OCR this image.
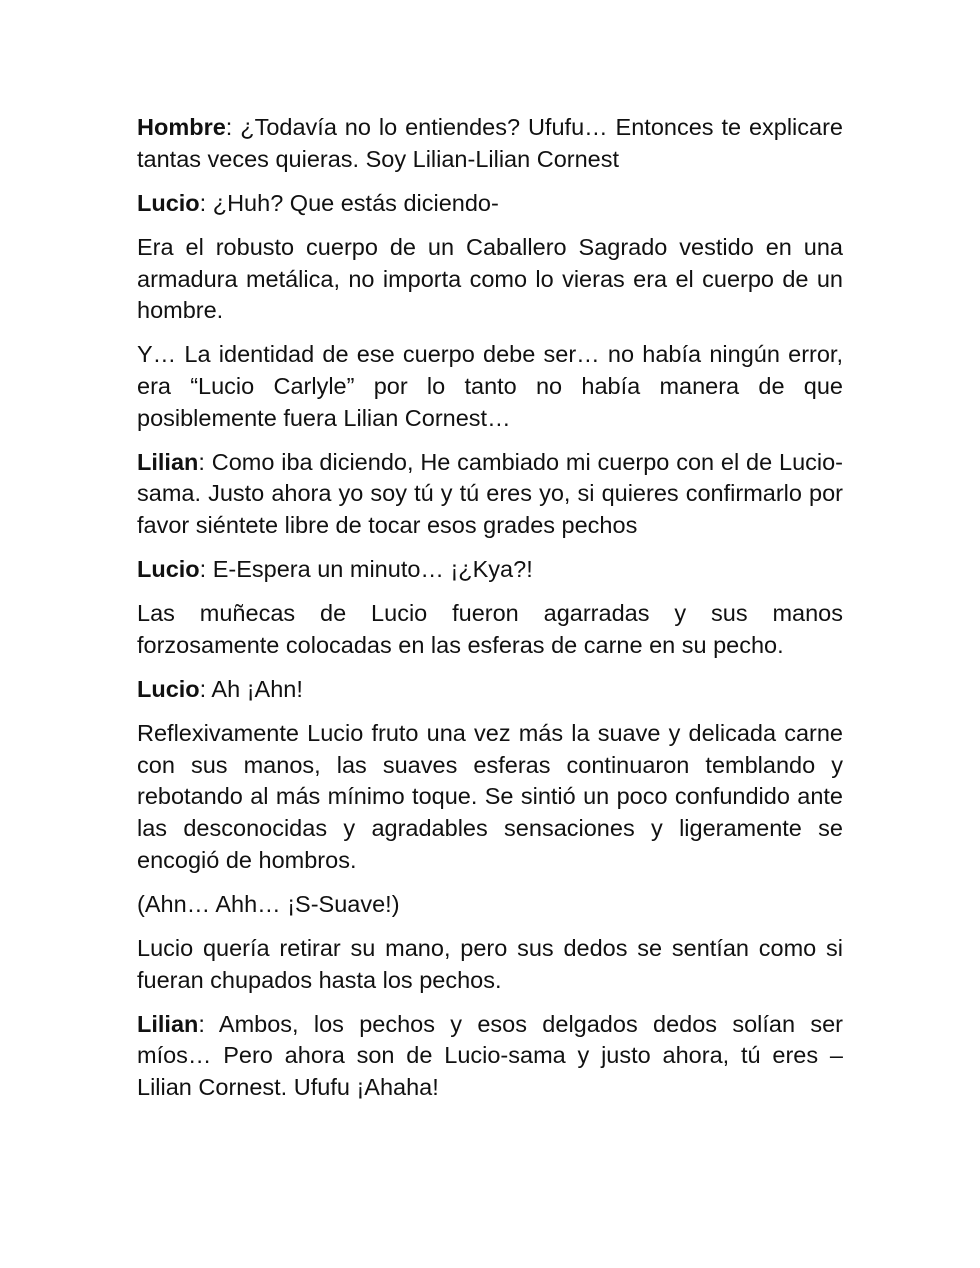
Hombre: ¿Todavía no lo entiendes? Ufufu… Entonces te explicare tantas veces quieras. Soy Lilian-Lilian Cornest

Lucio: ¿Huh? Que estás diciendo-

Era el robusto cuerpo de un Caballero Sagrado vestido en una armadura metálica, no importa como lo vieras era el cuerpo de un hombre.

Y… La identidad de ese cuerpo debe ser… no había ningún error, era “Lucio Carlyle” por lo tanto no había manera de que posiblemente fuera Lilian Cornest…

Lilian: Como iba diciendo, He cambiado mi cuerpo con el de Lucio-sama. Justo ahora yo soy tú y tú eres yo, si quieres confirmarlo por favor siéntete libre de tocar esos grades pechos

Lucio: E-Espera un minuto… ¡¿Kya?!

Las muñecas de Lucio fueron agarradas y sus manos forzosamente colocadas en las esferas de carne en su pecho.

Lucio: Ah ¡Ahn!

Reflexivamente Lucio fruto una vez más la suave y delicada carne con sus manos, las suaves esferas continuaron temblando y rebotando al más mínimo toque. Se sintió un poco confundido ante las desconocidas y agradables sensaciones y ligeramente se encogió de hombros.

(Ahn… Ahh… ¡S-Suave!)

Lucio quería retirar su mano, pero sus dedos se sentían como si fueran chupados hasta los pechos.

Lilian: Ambos, los pechos y esos delgados dedos solían ser míos… Pero ahora son de Lucio-sama y justo ahora, tú eres – Lilian Cornest. Ufufu ¡Ahaha!
